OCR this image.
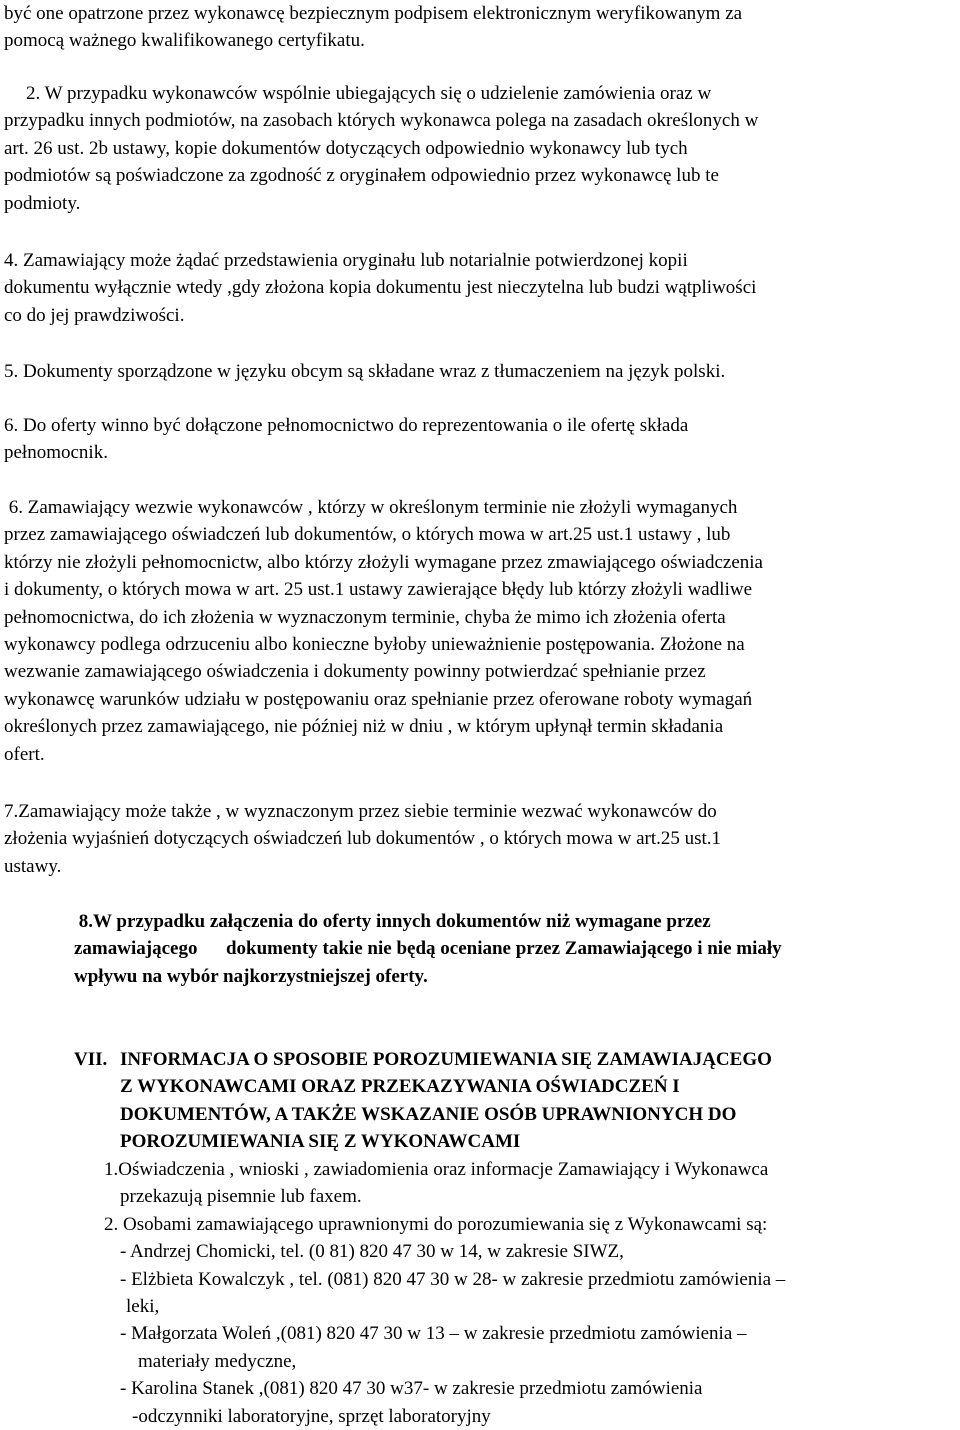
być one opatrzone przez wykonawcę bezpiecznym podpisem elektronicznym weryfikowanym za
pomocą ważnego kwalifikowanego certyfikatu.
2. W przypadku wykonawców wspólnie ubiegających się o udzielenie zamówienia oraz w
przypadku innych podmiotów, na zasobach których wykonawca polega na zasadach określonych w
art. 26 ust. 2b ustawy, kopie dokumentów dotyczących odpowiednio wykonawcy lub tych
podmiotów są poświadczone za zgodność z oryginałem odpowiednio przez wykonawcę lub te
podmioty.
4. Zamawiający może żądać przedstawienia oryginału lub notarialnie potwierdzonej kopii
dokumentu wyłącznie wtedy ,gdy złożona kopia dokumentu jest nieczytelna lub budzi wątpliwości
co do jej prawdziwości.
5. Dokumenty sporządzone w języku obcym są składane wraz z tłumaczeniem na język polski.
6. Do oferty winno być dołączone pełnomocnictwo do reprezentowania o ile ofertę składa
pełnomocnik.
6. Zamawiający wezwie wykonawców , którzy w określonym terminie nie złożyli wymaganych
przez zamawiającego oświadczeń lub dokumentów, o których mowa w art.25 ust.1 ustawy , lub
którzy nie złożyli pełnomocnictw, albo którzy złożyli wymagane przez zmawiającego oświadczenia
i dokumenty, o których mowa w art. 25 ust.1 ustawy zawierające błędy lub którzy złożyli wadliwe
pełnomocnictwa, do ich złożenia w wyznaczonym terminie, chyba że mimo ich złożenia oferta
wykonawcy podlega odrzuceniu albo konieczne byłoby unieważnienie postępowania. Złożone na
wezwanie zamawiającego oświadczenia i dokumenty powinny potwierdzać spełnianie przez
wykonawcę warunków udziału w postępowaniu oraz spełnianie przez oferowane roboty wymagań
określonych przez zamawiającego, nie później niż w dniu , w którym upłynął termin składania
ofert.
7.Zamawiający może także , w wyznaczonym przez siebie terminie wezwać wykonawców do
złożenia wyjaśnień dotyczących oświadczeń lub dokumentów , o których mowa w art.25 ust.1
ustawy.
8.W przypadku załączenia do oferty innych dokumentów niż wymagane przez
zamawiającego      dokumenty takie nie będą oceniane przez Zamawiającego i nie miały
wpływu na wybór najkorzystniejszej oferty.
VII. INFORMACJA O SPOSOBIE POROZUMIEWANIA SIĘ ZAMAWIAJĄCEGO
Z WYKONAWCAMI ORAZ PRZEKAZYWANIA OŚWIADCZEŃ I
DOKUMENTÓW, A TAKŻE WSKAZANIE OSÓB UPRAWNIONYCH DO
POROZUMIEWANIA SIĘ Z WYKONAWCAMI
1.Oświadczenia , wnioski , zawiadomienia oraz informacje Zamawiający i Wykonawca
przekazują pisemnie lub faxem.
2. Osobami zamawiającego uprawnionymi do porozumiewania się z Wykonawcami są:
- Andrzej Chomicki, tel. (0 81) 820 47 30 w 14, w zakresie SIWZ,
- Elżbieta Kowalczyk , tel. (081) 820 47 30 w 28- w zakresie przedmiotu zamówienia –
leki,
- Małgorzata Woleń ,(081) 820 47 30 w 13 – w zakresie przedmiotu zamówienia –
materiały medyczne,
- Karolina Stanek ,(081) 820 47 30 w37- w zakresie przedmiotu zamówienia
-odczynniki laboratoryjne, sprzęt laboratoryjny
